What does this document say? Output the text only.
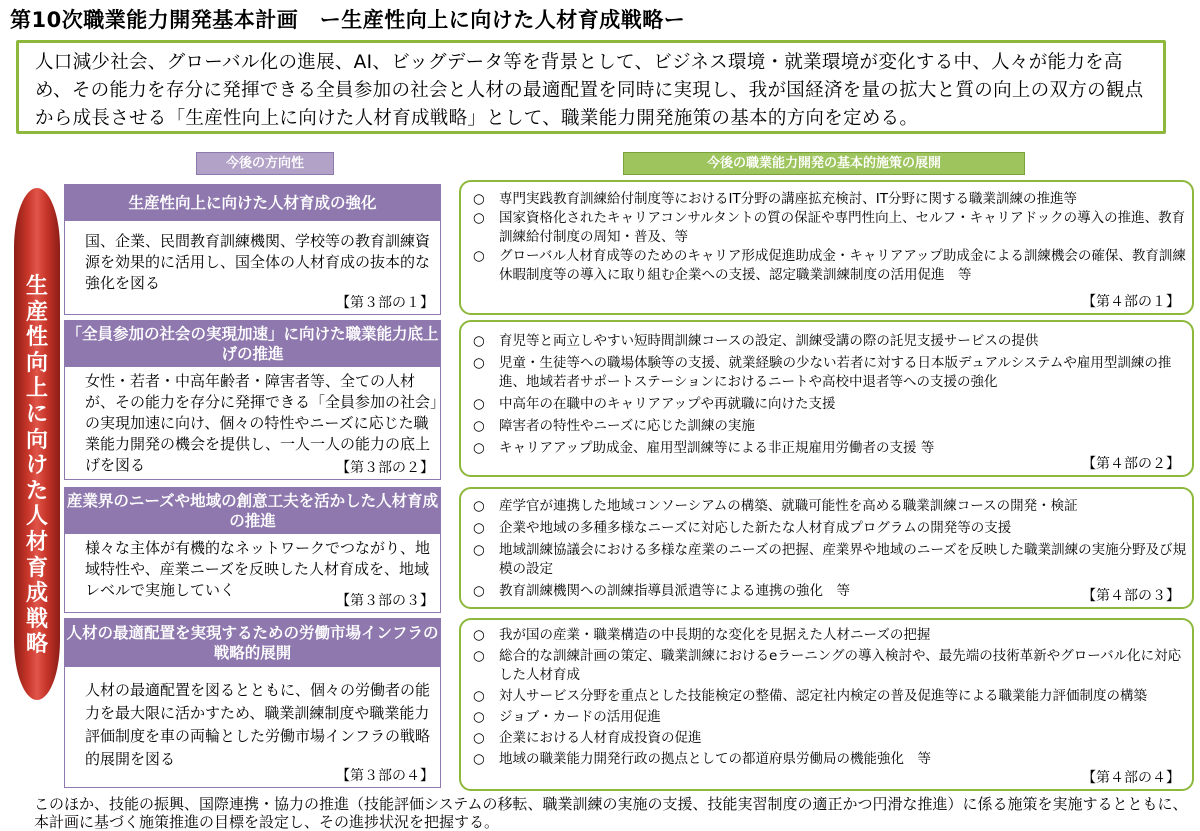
第10次職業能力開発基本計画　ー生産性向上に向けた人材育成戦略ー
人口減少社会、グローバル化の進展、AI、ビッグデータ等を背景として、ビジネス環境・就業環境が変化する中、人々が能力を高め、その能力を存分に発揮できる全員参加の社会と人材の最適配置を同時に実現し、我が国経済を量の拡大と質の向上の双方の観点から成長させる「生産性向上に向けた人材育成戦略」として、職業能力開発施策の基本的方向を定める。
今後の方向性	今後の職業能力開発の基本的施策の展開
生
産
性
向
上
に
向
け
た
人
材
育
成
戦
略
生産性向上に向けた人材育成の強化
国、企業、民間教育訓練機関、学校等の教育訓練資源を効果的に活用し、国全体の人材育成の抜本的な強化を図る
【第３部の１】
○ 専門実践教育訓練給付制度等におけるIT分野の講座拡充検討、IT分野に関する職業訓練の推進等
○ 国家資格化されたキャリアコンサルタントの質の保証や専門性向上、セルフ・キャリアドックの導入の推進、教育訓練給付制度の周知・普及、等
○ グローバル人材育成等のためのキャリア形成促進助成金・キャリアアップ助成金による訓練機会の確保、教育訓練休暇制度等の導入に取り組む企業への支援、認定職業訓練制度の活用促進　等
【第４部の１】
「全員参加の社会の実現加速」に向けた職業能力底上げの推進
女性・若者・中高年齢者・障害者等、全ての人材が、その能力を存分に発揮できる「全員参加の社会」の実現加速に向け、個々の特性やニーズに応じた職業能力開発の機会を提供し、一人一人の能力の底上げを図る	【第３部の２】
○ 育児等と両立しやすい短時間訓練コースの設定、訓練受講の際の託児支援サービスの提供
○ 児童・生徒等への職場体験等の支援、就業経験の少ない若者に対する日本版デュアルシステムや雇用型訓練の推進、地域若者サポートステーションにおけるニートや高校中退者等への支援の強化
○ 中高年の在職中のキャリアアップや再就職に向けた支援
○ 障害者の特性やニーズに応じた訓練の実施
○ キャリアアップ助成金、雇用型訓練等による非正規雇用労働者の支援 等
【第４部の２】
産業界のニーズや地域の創意工夫を活かした人材育成の推進
様々な主体が有機的なネットワークでつながり、地域特性や、産業ニーズを反映した人材育成を、地域レベルで実施していく
【第３部の３】
○ 産学官が連携した地域コンソーシアムの構築、就職可能性を高める職業訓練コースの開発・検証
○ 企業や地域の多種多様なニーズに対応した新たな人材育成プログラムの開発等の支援
○ 地域訓練協議会における多様な産業のニーズの把握、産業界や地域のニーズを反映した職業訓練の実施分野及び規模の設定
○ 教育訓練機関への訓練指導員派遣等による連携の強化　等	【第４部の３】
人材の最適配置を実現するための労働市場インフラの戦略的展開
人材の最適配置を図るとともに、個々の労働者の能力を最大限に活かすため、職業訓練制度や職業能力評価制度を車の両輪とした労働市場インフラの戦略的展開を図る
【第３部の４】
○ 我が国の産業・職業構造の中長期的な変化を見据えた人材ニーズの把握
○ 総合的な訓練計画の策定、職業訓練におけるeラーニングの導入検討や、最先端の技術革新やグローバル化に対応した人材育成
○ 対人サービス分野を重点とした技能検定の整備、認定社内検定の普及促進等による職業能力評価制度の構築
○ ジョブ・カードの活用促進
○ 企業における人材育成投資の促進
○ 地域の職業能力開発行政の拠点としての都道府県労働局の機能強化　等
【第４部の４】
このほか、技能の振興、国際連携・協力の推進（技能評価システムの移転、職業訓練の実施の支援、技能実習制度の適正かつ円滑な推進）に係る施策を実施するとともに、本計画に基づく施策推進の目標を設定し、その進捗状況を把握する。
